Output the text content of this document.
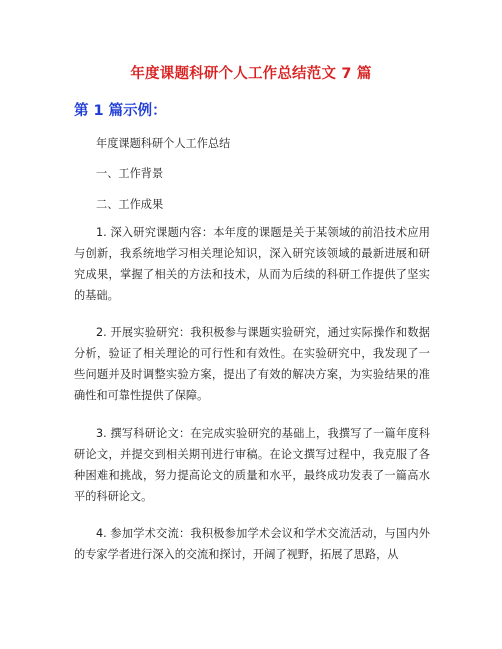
年度课题科研个人工作总结范文 7 篇
第 1 篇示例：
年度课题科研个人工作总结
一、工作背景
二、工作成果

1. 深入研究课题内容：本年度的课题是关于某领域的前沿技术应用与创新，我系统地学习相关理论知识，深入研究该领域的最新进展和研究成果，掌握了相关的方法和技术，从而为后续的科研工作提供了坚实的基础。

2. 开展实验研究：我积极参与课题实验研究，通过实际操作和数据分析，验证了相关理论的可行性和有效性。在实验研究中，我发现了一些问题并及时调整实验方案，提出了有效的解决方案，为实验结果的准确性和可靠性提供了保障。

3. 撰写科研论文：在完成实验研究的基础上，我撰写了一篇年度科研论文，并提交到相关期刊进行审稿。在论文撰写过程中，我克服了各种困难和挑战，努力提高论文的质量和水平，最终成功发表了一篇高水平的科研论文。

4. 参加学术交流：我积极参加学术会议和学术交流活动，与国内外的专家学者进行深入的交流和探讨，开阔了视野，拓展了思路，从
